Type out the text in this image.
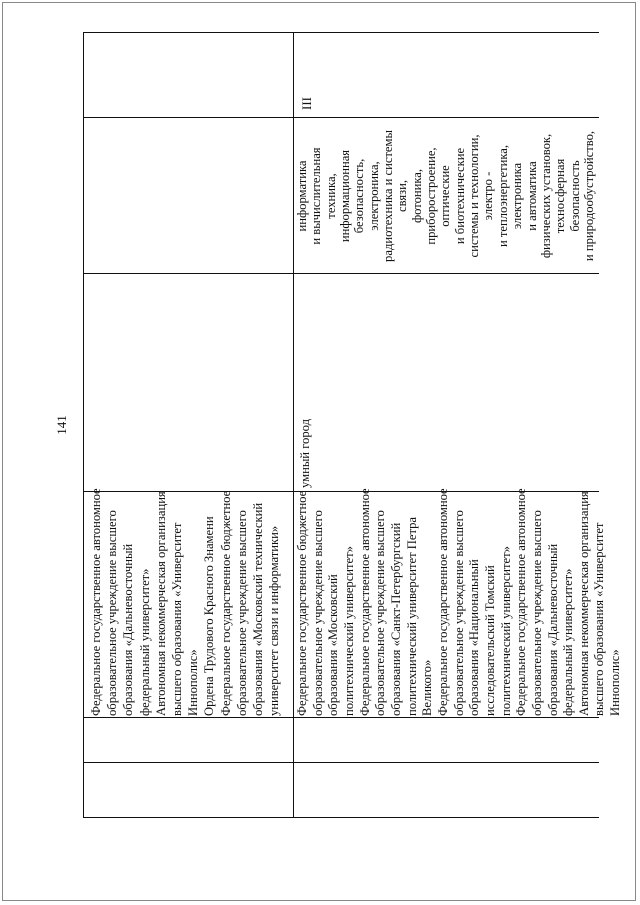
141
Федеральное государственное автономное образовательное учреждение высшего образования «Дальневосточный федеральный университет» Автономная некоммерческая организация высшего образования «Университет Иннополис» Ордена Трудового Красного Знамени Федеральное государственное бюджетное образовательное учреждение высшего образования «Московский технический университет связи и информатики» Федеральное государственное бюджетное образовательное учреждение высшего образования «Московский политехнический университет» Федеральное государственное автономное образовательное учреждение высшего образования «Санкт-Петербургский политехнический университет Петра Великого» Федеральное государственное автономное образовательное учреждение высшего образования «Национальный исследовательский Томский политехнический университет» Федеральное государственное автономное образовательное учреждение высшего образования «Дальневосточный федеральный университет» Автономная некоммерческая организация высшего образования «Университет Иннополис»
умный город
информатика и вычислительная техника, информационная безопасность, электроника, радиотехника и системы связи, фотоника, приборостроение, оптические и биотехнические системы и технологии, электро - и теплоэнергетика, электроника и автоматика физических установок, техносферная безопасность и природообустройство,
III
